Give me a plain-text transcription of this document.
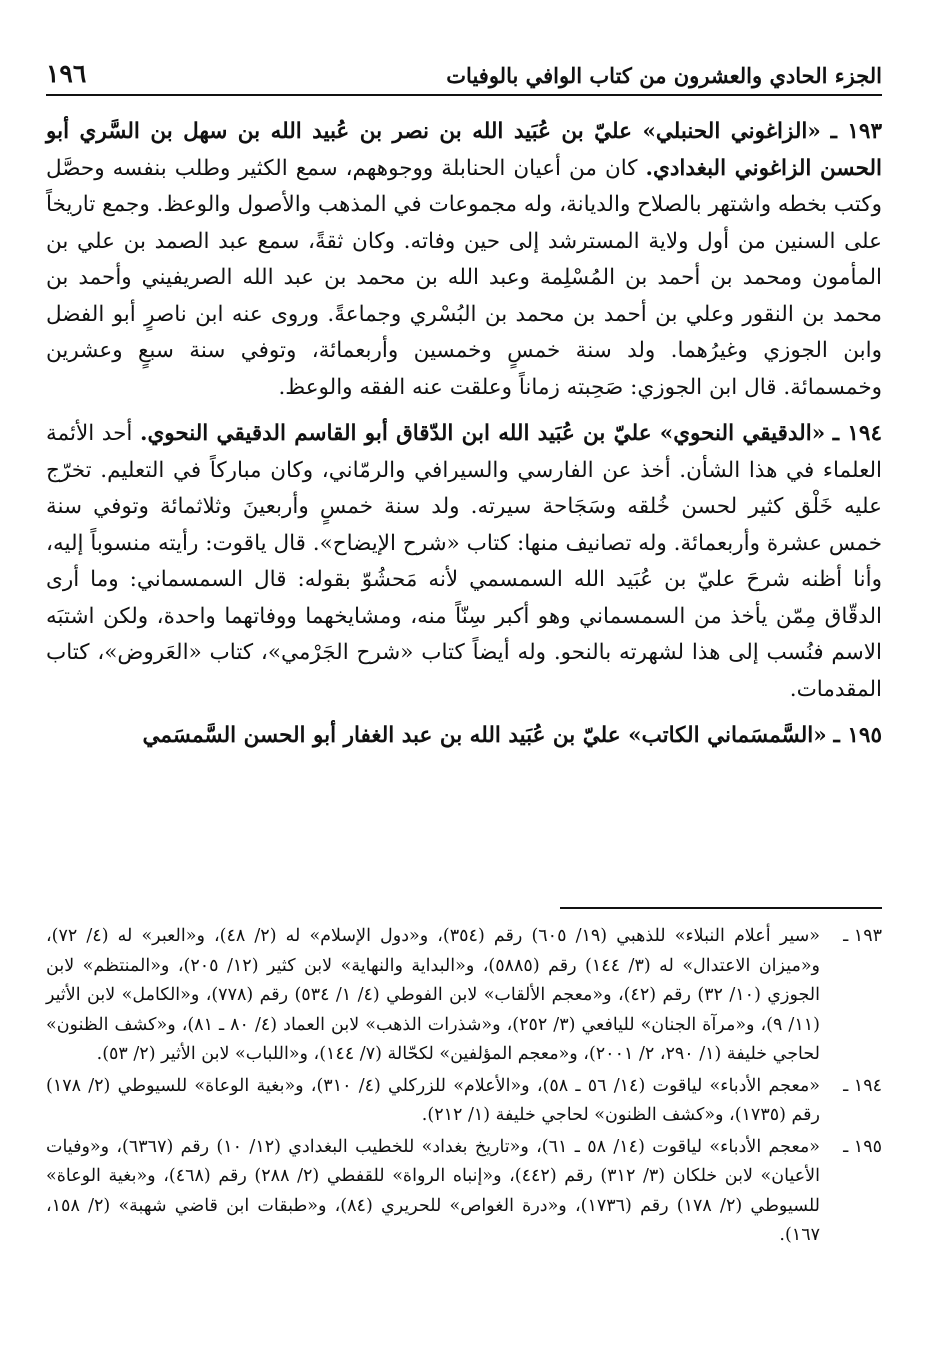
الجزء الحادي والعشرون من كتاب الوافي بالوفيات
١٩٦

١٩٣ ـ «الزاغوني الحنبلي» عليّ بن عُبَيد الله بن نصر بن عُبيد الله بن سهل بن السَّري أبو الحسن الزاغوني البغدادي. كان من أعيان الحنابلة ووجوههم، سمع الكثير وطلب بنفسه وحصَّل وكتب بخطه واشتهر بالصلاح والديانة، وله مجموعات في المذهب والأصول والوعظ. وجمع تاريخاً على السنين من أول ولاية المسترشد إلى حين وفاته. وكان ثقةً، سمع عبد الصمد بن علي بن المأمون ومحمد بن أحمد بن المُسْلِمة وعبد الله بن محمد بن عبد الله الصريفيني وأحمد بن محمد بن النقور وعلي بن أحمد بن محمد بن البُسْري وجماعةً. وروى عنه ابن ناصرٍ أبو الفضل وابن الجوزي وغيرُهما. ولد سنة خمسٍ وخمسين وأربعمائة، وتوفي سنة سبعٍ وعشرين وخمسمائة. قال ابن الجوزي: صَحِبته زماناً وعلقت عنه الفقه والوعظ.

١٩٤ ـ «الدقيقي النحوي» عليّ بن عُبَيد الله ابن الدّقاق أبو القاسم الدقيقي النحوي. أحد الأئمة العلماء في هذا الشأن. أخذ عن الفارسي والسيرافي والرمّاني، وكان مباركاً في التعليم. تخرّج عليه خَلْق كثير لحسن خُلقه وسَجَاحة سيرته. ولد سنة خمسٍ وأربعينَ وثلاثمائة وتوفي سنة خمس عشرة وأربعمائة. وله تصانيف منها: كتاب «شرح الإيضاح». قال ياقوت: رأيته منسوباً إليه، وأنا أظنه شرحَ عليّ بن عُبَيد الله السمسمي لأنه مَحشُوّ بقوله: قال السمسماني: وما أرى الدقّاق مِمّن يأخذ من السمسماني وهو أكبر سِنّاً منه، ومشايخهما ووفاتهما واحدة، ولكن اشتبَه الاسم فنُسب إلى هذا لشهرته بالنحو. وله أيضاً كتاب «شرح الجَرْمي»، كتاب «العَروض»، كتاب المقدمات.

١٩٥ ـ «السَّمسَماني الكاتب» عليّ بن عُبَيد الله بن عبد الغفار أبو الحسن السَّمسَمي

١٩٣ ـ
«سير أعلام النبلاء» للذهبي (١٩/ ٦٠٥) رقم (٣٥٤)، و«دول الإسلام» له (٢/ ٤٨)، و«العبر» له (٤/ ٧٢)، و«ميزان الاعتدال» له (٣/ ١٤٤) رقم (٥٨٨٥)، و«البداية والنهاية» لابن كثير (١٢/ ٢٠٥)، و«المنتظم» لابن الجوزي (١٠/ ٣٢) رقم (٤٢)، و«معجم الألقاب» لابن الفوطي (٤/ ١/ ٥٣٤) رقم (٧٧٨)، و«الكامل» لابن الأثير (١١/ ٩)، و«مرآة الجنان» لليافعي (٣/ ٢٥٢)، و«شذرات الذهب» لابن العماد (٤/ ٨٠ ـ ٨١)، و«كشف الظنون» لحاجي خليفة (١/ ٢٩٠، ٢/ ٢٠٠١)، و«معجم المؤلفين» لكحّالة (٧/ ١٤٤)، و«اللباب» لابن الأثير (٢/ ٥٣).
١٩٤ ـ
«معجم الأدباء» لياقوت (١٤/ ٥٦ ـ ٥٨)، و«الأعلام» للزركلي (٤/ ٣١٠)، و«بغية الوعاة» للسيوطي (٢/ ١٧٨) رقم (١٧٣٥)، و«كشف الظنون» لحاجي خليفة (١/ ٢١٢).
١٩٥ ـ
«معجم الأدباء» لياقوت (١٤/ ٥٨ ـ ٦١)، و«تاريخ بغداد» للخطيب البغدادي (١٢/ ١٠) رقم (٦٣٦٧)، و«وفيات الأعيان» لابن خلكان (٣/ ٣١٢) رقم (٤٤٢)، و«إنباه الرواة» للقفطي (٢/ ٢٨٨) رقم (٤٦٨)، و«بغية الوعاة» للسيوطي (٢/ ١٧٨) رقم (١٧٣٦)، و«درة الغواص» للحريري (٨٤)، و«طبقات ابن قاضي شهبة» (٢/ ١٥٨، ١٦٧).
